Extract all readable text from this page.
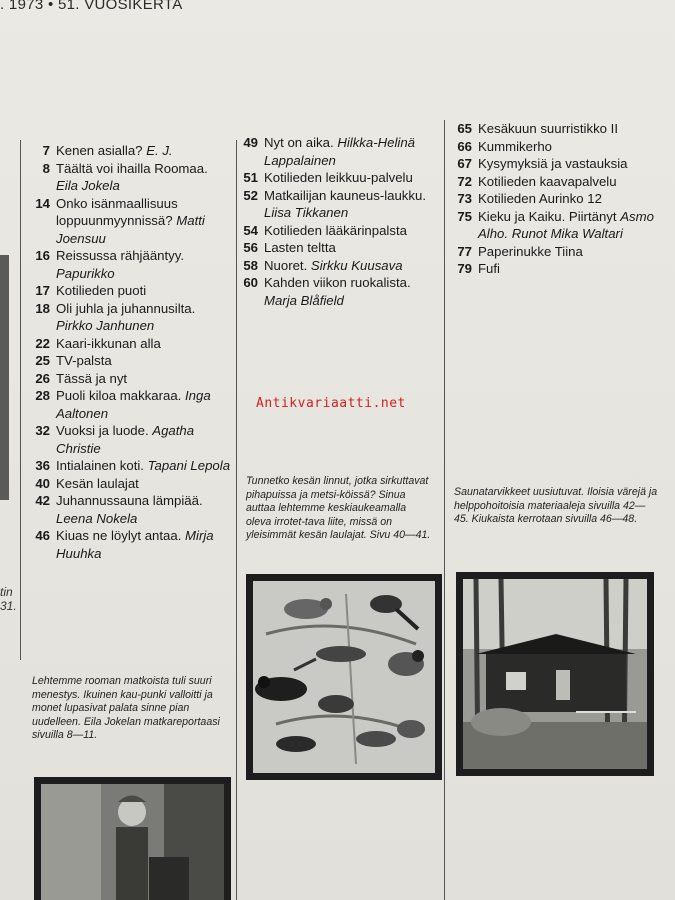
. 1973 • 51. VUOSIKERTA
tin
31.
7 Kenen asialla? E. J.
8 Täältä voi ihailla Roomaa. Eila Jokela
14 Onko isänmaallisuus loppuunmyynnissä? Matti Joensuu
16 Reissussa rähjääntyy. Papurikko
17 Kotilieden puoti
18 Oli juhla ja juhannusilta. Pirkko Janhunen
22 Kaari-ikkunan alla
25 TV-palsta
26 Tässä ja nyt
28 Puoli kiloa makkaraa. Inga Aaltonen
32 Vuoksi ja luode. Agatha Christie
36 Intialainen koti. Tapani Lepola
40 Kesän laulajat
42 Juhannussauna lämpiää. Leena Nokela
46 Kiuas ne löylyt antaa. Mirja Huuhka
49 Nyt on aika. Hilkka-Helinä Lappalainen
51 Kotilieden leikkuu-palvelu
52 Matkailijan kauneus-laukku. Liisa Tikkanen
54 Kotilieden lääkärinpalsta
56 Lasten teltta
58 Nuoret. Sirkku Kuusava
60 Kahden viikon ruokalista. Marja Blåfield
65 Kesäkuun suurristikko II
66 Kummikerho
67 Kysymyksiä ja vastauksia
72 Kotilieden kaavapalvelu
73 Kotilieden Aurinko 12
75 Kieku ja Kaiku. Piirtänyt Asmo Alho. Runot Mika Waltari
77 Paperinukke Tiina
79 Fufi
Antikvariaatti.net
Tunnetko kesän linnut, jotka sirkuttavat pihapuissa ja metsi-köissä? Sinua auttaa lehtemme keskiaukeamalla oleva irrotet-tava liite, missä on yleisimmät kesän laulajat. Sivu 40—41.
Saunatarvikkeet uusiutuvat. Iloisia värejä ja helppohoitoisia materiaaleja sivuilla 42—45. Kiukaista kerrotaan sivuilla 46—48.
Lehtemme rooman matkoista tuli suuri menestys. Ikuinen kau-punki valloitti ja monet lupasivat palata sinne pian uudelleen. Eila Jokelan matkareportaasi sivuilla 8—11.
